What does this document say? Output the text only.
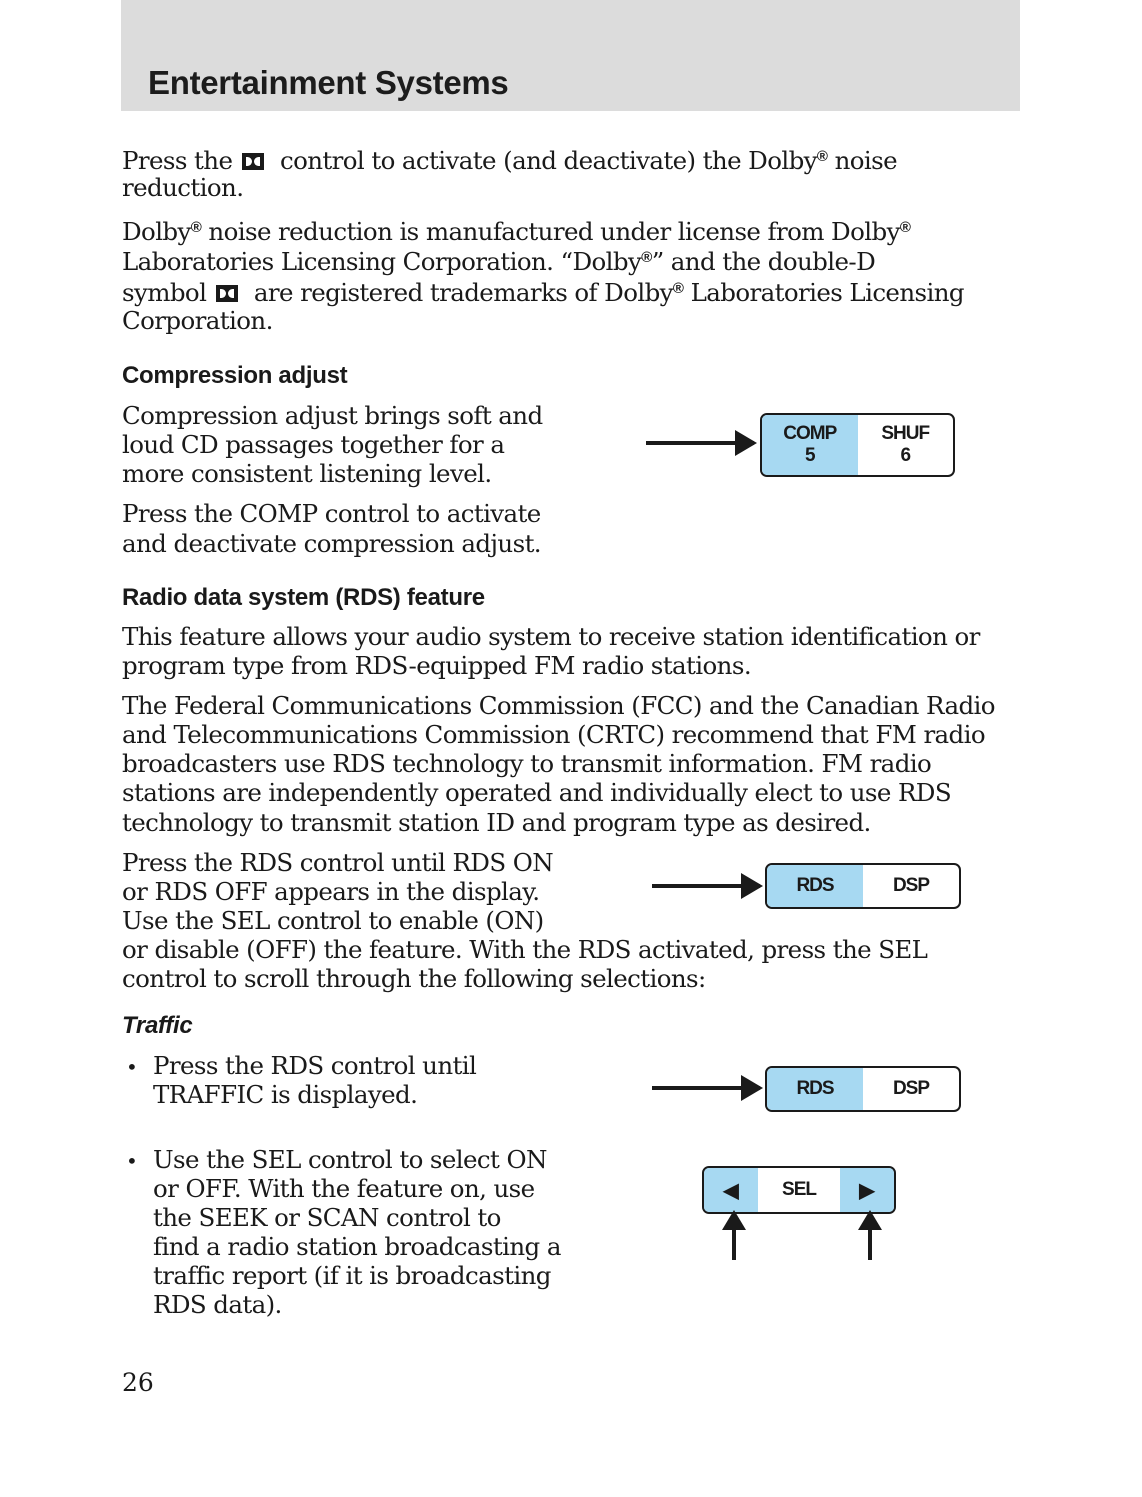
Entertainment Systems

Press the control to activate (and deactivate) the Dolby® noise

reduction.

Dolby® noise reduction is manufactured under license from Dolby®

Laboratories Licensing Corporation. “Dolby®” and the double-D

symbol are registered trademarks of Dolby® Laboratories Licensing

Corporation.

Compression adjust

Compression adjust brings soft and

loud CD passages together for a

more consistent listening level.

Press the COMP control to activate

and deactivate compression adjust.

COMP
5
SHUF
6
Radio data system (RDS) feature

This feature allows your audio system to receive station identification or

program type from RDS-equipped FM radio stations.

The Federal Communications Commission (FCC) and the Canadian Radio

and Telecommunications Commission (CRTC) recommend that FM radio

broadcasters use RDS technology to transmit information. FM radio

stations are independently operated and individually elect to use RDS

technology to transmit station ID and program type as desired.

Press the RDS control until RDS ON

or RDS OFF appears in the display.

Use the SEL control to enable (ON)

or disable (OFF) the feature. With the RDS activated, press the SEL

control to scroll through the following selections:

RDS	DSP
Traffic
• Press the RDS control until

TRAFFIC is displayed.

• Use the SEL control to select ON

or OFF. With the feature on, use

the SEEK or SCAN control to

find a radio station broadcasting a

traffic report (if it is broadcasting

RDS data).

RDS	DSP
◀	SEL	▶
26
